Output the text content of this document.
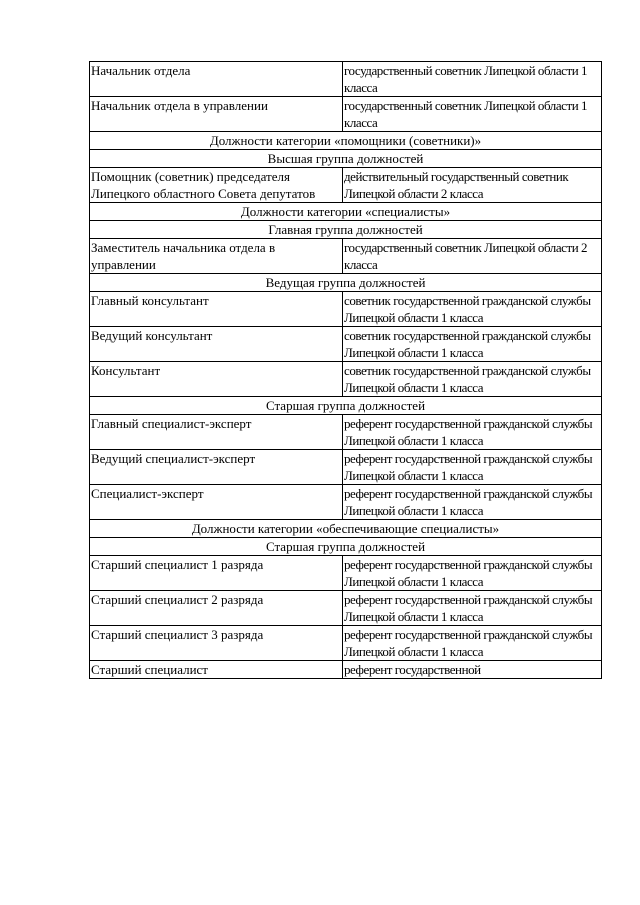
Начальник отдела	государственный советник Липецкой области 1 класса
Начальник отдела в управлении	государственный советник Липецкой области 1 класса
Должности категории «помощники (советники)»	
Высшая группа должностей	
Помощник (советник) председателя Липецкого областного Совета депутатов	действительный государственный советник Липецкой области 2 класса
Должности категории «специалисты»	
Главная группа должностей	
Заместитель начальника отдела в управлении	государственный советник Липецкой области 2 класса
Ведущая группа должностей	
Главный консультант	советник государственной гражданской службы Липецкой области 1 класса
Ведущий консультант	советник государственной гражданской службы Липецкой области 1 класса
Консультант	советник государственной гражданской службы Липецкой области 1 класса
Старшая группа должностей	
Главный специалист-эксперт	референт государственной гражданской службы Липецкой области 1 класса
Ведущий специалист-эксперт	референт государственной гражданской службы Липецкой области 1 класса
Специалист-эксперт	референт государственной гражданской службы Липецкой области 1 класса
Должности категории «обеспечивающие специалисты»	
Старшая группа должностей	
Старший специалист 1 разряда	референт государственной гражданской службы Липецкой области 1 класса
Старший специалист 2 разряда	референт государственной гражданской службы Липецкой области 1 класса
Старший специалист 3 разряда	референт государственной гражданской службы Липецкой области 1 класса
Старший специалист	референт государственной
